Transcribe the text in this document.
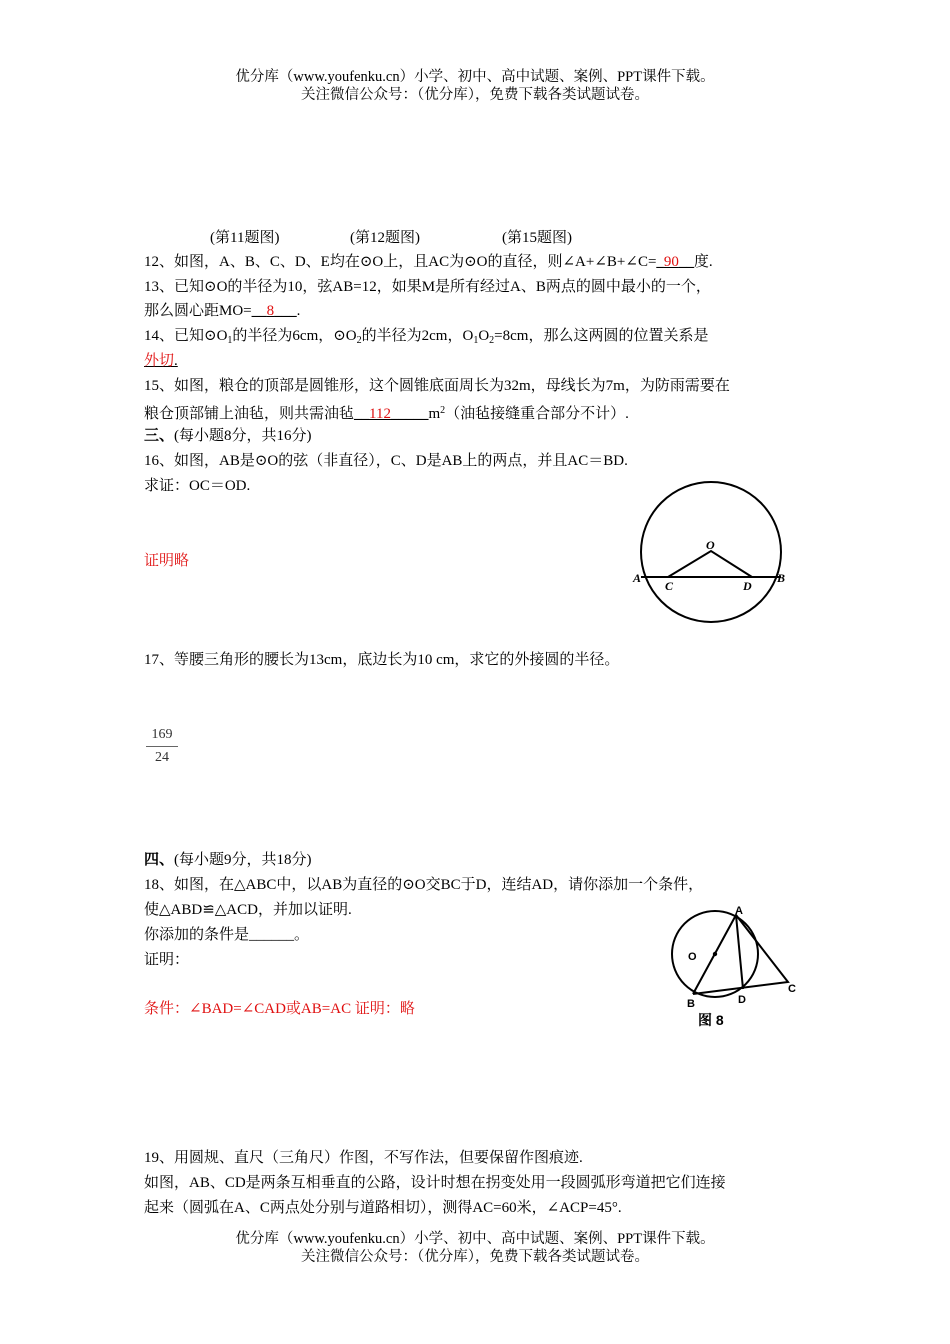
优分库（www.youfenku.cn）小学、初中、高中试题、案例、PPT课件下载。
关注微信公众号：（优分库），免费下载各类试题试卷。
(第11题图)	(第12题图)	(第15题图)
12、如图，A、B、C、D、E均在⊙O上，且AC为⊙O的直径，则∠A+∠B+∠C=_90__度.
13、已知⊙O的半径为10，弦AB=12，如果M是所有经过A、B两点的圆中最小的一个，
那么圆心距MO=__8___.
14、已知$⊙O_1$的半径为6cm，$⊙O_2$的半径为2cm，$O_1O_2=8cm$，那么这两圆的位置关系是
外切.
15、如图，粮仓的顶部是圆锥形，这个圆锥底面周长为32m，母线长为7m，为防雨需要在
粮仓顶部铺上油毡，则共需油毡$\_\_112\_\_\_\_\_m^2$（油毡接缝重合部分不计）.
三、(每小题8分，共16分)
16、如图，AB是⊙O的弦（非直径），C、D是AB上的两点，并且AC＝BD.
求证：OC＝OD.
证明略
O
A
C	D
B
17、等腰三角形的腰长为13cm，底边长为10 cm，求它的外接圆的半径。
169
24
四、(每小题9分，共18分)
18、如图，在△ABC中，以AB为直径的⊙O交BC于D，连结AD，请你添加一个条件，
使△ABD≌△ACD，并加以证明.
你添加的条件是______。
证明：
条件：∠BAD=∠CAD或AB=AC 证明：略
A
O
B	D
C
图 8
19、用圆规、直尺（三角尺）作图，不写作法，但要保留作图痕迹.
如图，AB、CD是两条互相垂直的公路，设计时想在拐变处用一段圆弧形弯道把它们连接
起来（圆弧在A、C两点处分别与道路相切），测得AC=60米，∠ACP=45°.
优分库（www.youfenku.cn）小学、初中、高中试题、案例、PPT课件下载。
关注微信公众号：（优分库），免费下载各类试题试卷。
